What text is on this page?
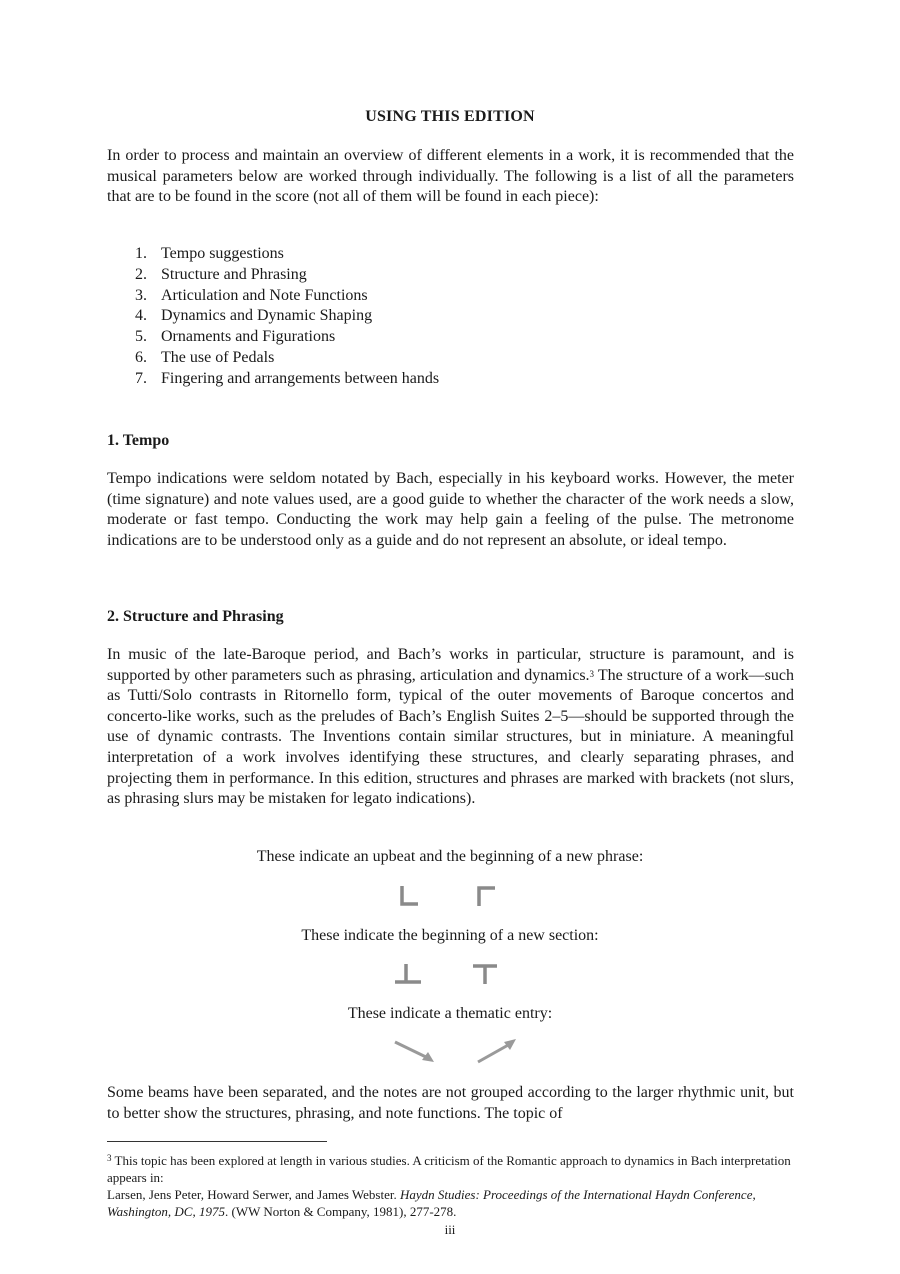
USING THIS EDITION

In order to process and maintain an overview of different elements in a work, it is recommended that the musical parameters below are worked through individually. The following is a list of all the parameters that are to be found in the score (not all of them will be found in each piece):

1. Tempo suggestions
2. Structure and Phrasing
3. Articulation and Note Functions
4. Dynamics and Dynamic Shaping
5. Ornaments and Figurations
6. The use of Pedals
7. Fingering and arrangements between hands
1. Tempo

Tempo indications were seldom notated by Bach, especially in his keyboard works. However, the meter (time signature) and note values used, are a good guide to whether the character of the work needs a slow, moderate or fast tempo. Conducting the work may help gain a feeling of the pulse. The metronome indications are to be understood only as a guide and do not represent an absolute, or ideal tempo.

2. Structure and Phrasing

In music of the late-Baroque period, and Bach’s works in particular, structure is paramount, and is supported by other parameters such as phrasing, articulation and dynamics.$^3$ The structure of a work—such as Tutti/Solo contrasts in Ritornello form, typical of the outer movements of Baroque concertos and concerto-like works, such as the preludes of Bach’s English Suites 2–5—should be supported through the use of dynamic contrasts. The Inventions contain similar structures, but in miniature. A meaningful interpretation of a work involves identifying these structures, and clearly separating phrases, and projecting them in performance. In this edition, structures and phrases are marked with brackets (not slurs, as phrasing slurs may be mistaken for legato indications).

These indicate an upbeat and the beginning of a new phrase:
These indicate the beginning of a new section:
These indicate a thematic entry:

Some beams have been separated, and the notes are not grouped according to the larger rhythmic unit, but to better show the structures, phrasing, and note functions. The topic of

$^3$ This topic has been explored at length in various studies. A criticism of the Romantic approach to dynamics in Bach interpretation appears in:
Larsen, Jens Peter, Howard Serwer, and James Webster. Haydn Studies: Proceedings of the International Haydn Conference, Washington, DC, 1975. (WW Norton & Company, 1981), 277-278.
iii
